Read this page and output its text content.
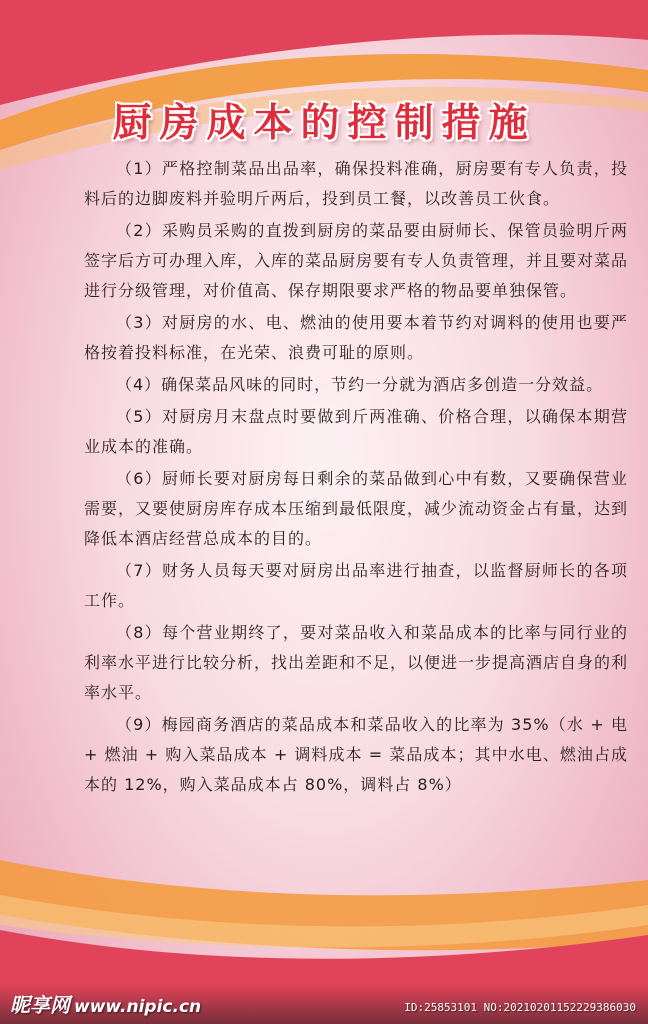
厨房成本的控制措施

（1）严格控制菜品出品率，确保投料准确，厨房要有专人负责，投料后的边脚废料并验明斤两后，投到员工餐，以改善员工伙食。

（2）采购员采购的直拨到厨房的菜品要由厨师长、保管员验明斤两签字后方可办理入库，入库的菜品厨房要有专人负责管理，并且要对菜品进行分级管理，对价值高、保存期限要求严格的物品要单独保管。

（3）对厨房的水、电、燃油的使用要本着节约对调料的使用也要严格按着投料标准，在光荣、浪费可耻的原则。

（4）确保菜品风味的同时，节约一分就为酒店多创造一分效益。

（5）对厨房月末盘点时要做到斤两准确、价格合理，以确保本期营业成本的准确。

（6）厨师长要对厨房每日剩余的菜品做到心中有数，又要确保营业需要，又要使厨房库存成本压缩到最低限度，减少流动资金占有量，达到降低本酒店经营总成本的目的。

（7）财务人员每天要对厨房出品率进行抽查，以监督厨师长的各项工作。

（8）每个营业期终了，要对菜品收入和菜品成本的比率与同行业的利率水平进行比较分析，找出差距和不足，以便进一步提高酒店自身的利率水平。

（9）梅园商务酒店的菜品成本和菜品收入的比率为 35%（水 + 电 + 燃油 + 购入菜品成本 + 调料成本 = 菜品成本；其中水电、燃油占成本的 12%，购入菜品成本占 80%，调料占 8%）

昵享网 www.nipic.cn	ID:25853101 NO:20210201152229386030
